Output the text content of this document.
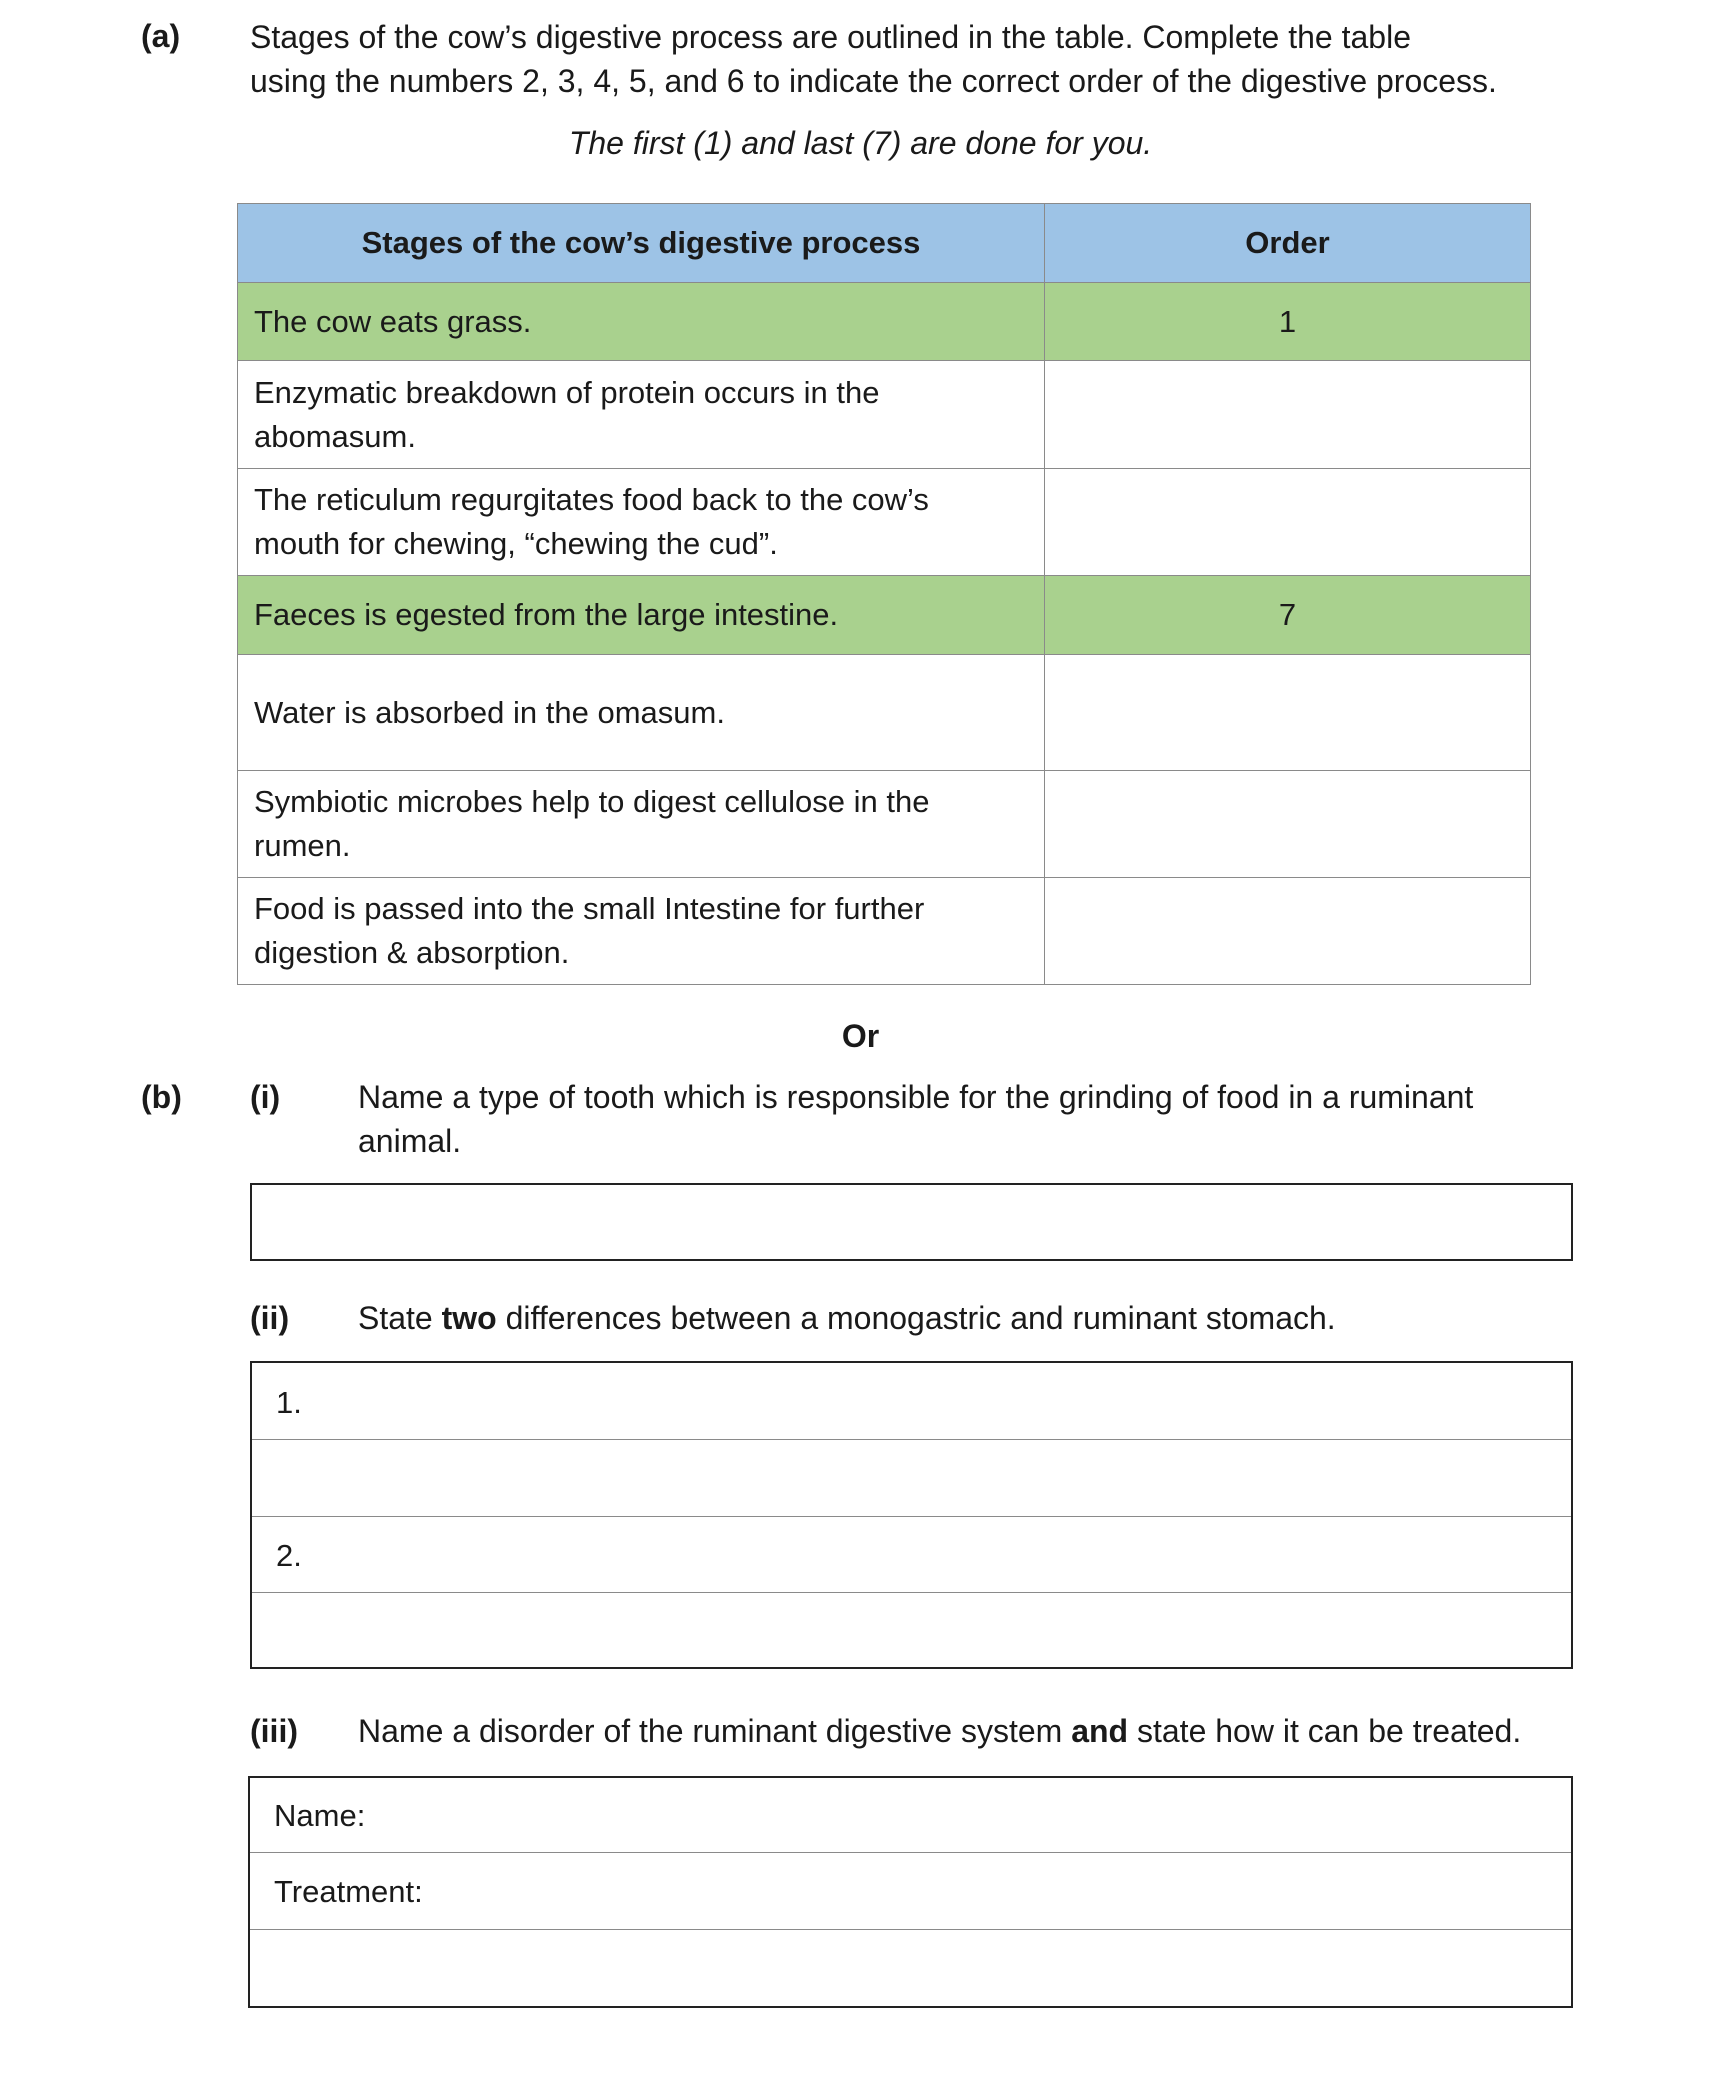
(a) Stages of the cow’s digestive process are outlined in the table. Complete the table
using the numbers 2, 3, 4, 5, and 6 to indicate the correct order of the digestive process.
The first (1) and last (7) are done for you.
Stages of the cow’s digestive process	Order
The cow eats grass.	1
Enzymatic breakdown of protein occurs in the
abomasum.	
The reticulum regurgitates food back to the cow’s
mouth for chewing, “chewing the cud”.	
Faeces is egested from the large intestine.	7
Water is absorbed in the omasum.	
Symbiotic microbes help to digest cellulose in the
rumen.	
Food is passed into the small Intestine for further
digestion & absorption.	
Or
(b) (i) Name a type of tooth which is responsible for the grinding of food in a ruminant
animal.
(ii) State two differences between a monogastric and ruminant stomach.
1.
2.
(iii) Name a disorder of the ruminant digestive system and state how it can be treated.
Name:
Treatment:
